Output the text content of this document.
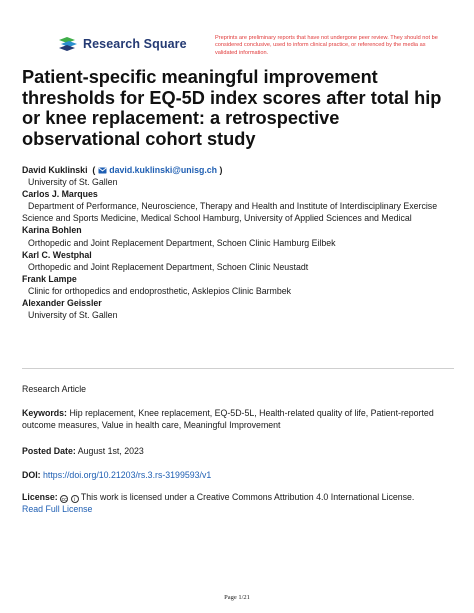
Research Square	Preprints are preliminary reports that have not undergone peer review. They should not be considered conclusive, used to inform clinical practice, or referenced by the media as validated information.
Patient-specific meaningful improvement thresholds for EQ-5D index scores after total hip or knee replacement: a retrospective observational cohort study

David Kuklinski  (  david.kuklinski@unisg.ch )

University of St. Gallen

Carlos J. Marques

Department of Performance, Neuroscience, Therapy and Health and Institute of Interdisciplinary Exercise Science and Sports Medicine, Medical School Hamburg, University of Applied Sciences and Medical

Karina Bohlen

Orthopedic and Joint Replacement Department, Schoen Clinic Hamburg Eilbek

Karl C. Westphal

Orthopedic and Joint Replacement Department, Schoen Clinic Neustadt

Frank Lampe

Clinic for orthopedics and endoprosthetic, Asklepios Clinic Barmbek

Alexander Geissler

University of St. Gallen

Research Article
Keywords: Hip replacement, Knee replacement, EQ-5D-5L, Health-related quality of life, Patient-reported outcome measures, Value in health care, Meaningful Improvement
Posted Date: August 1st, 2023
DOI: https://doi.org/10.21203/rs.3.rs-3199593/v1
License: cc i This work is licensed under a Creative Commons Attribution 4.0 International License.
Read Full License
Page 1/21
